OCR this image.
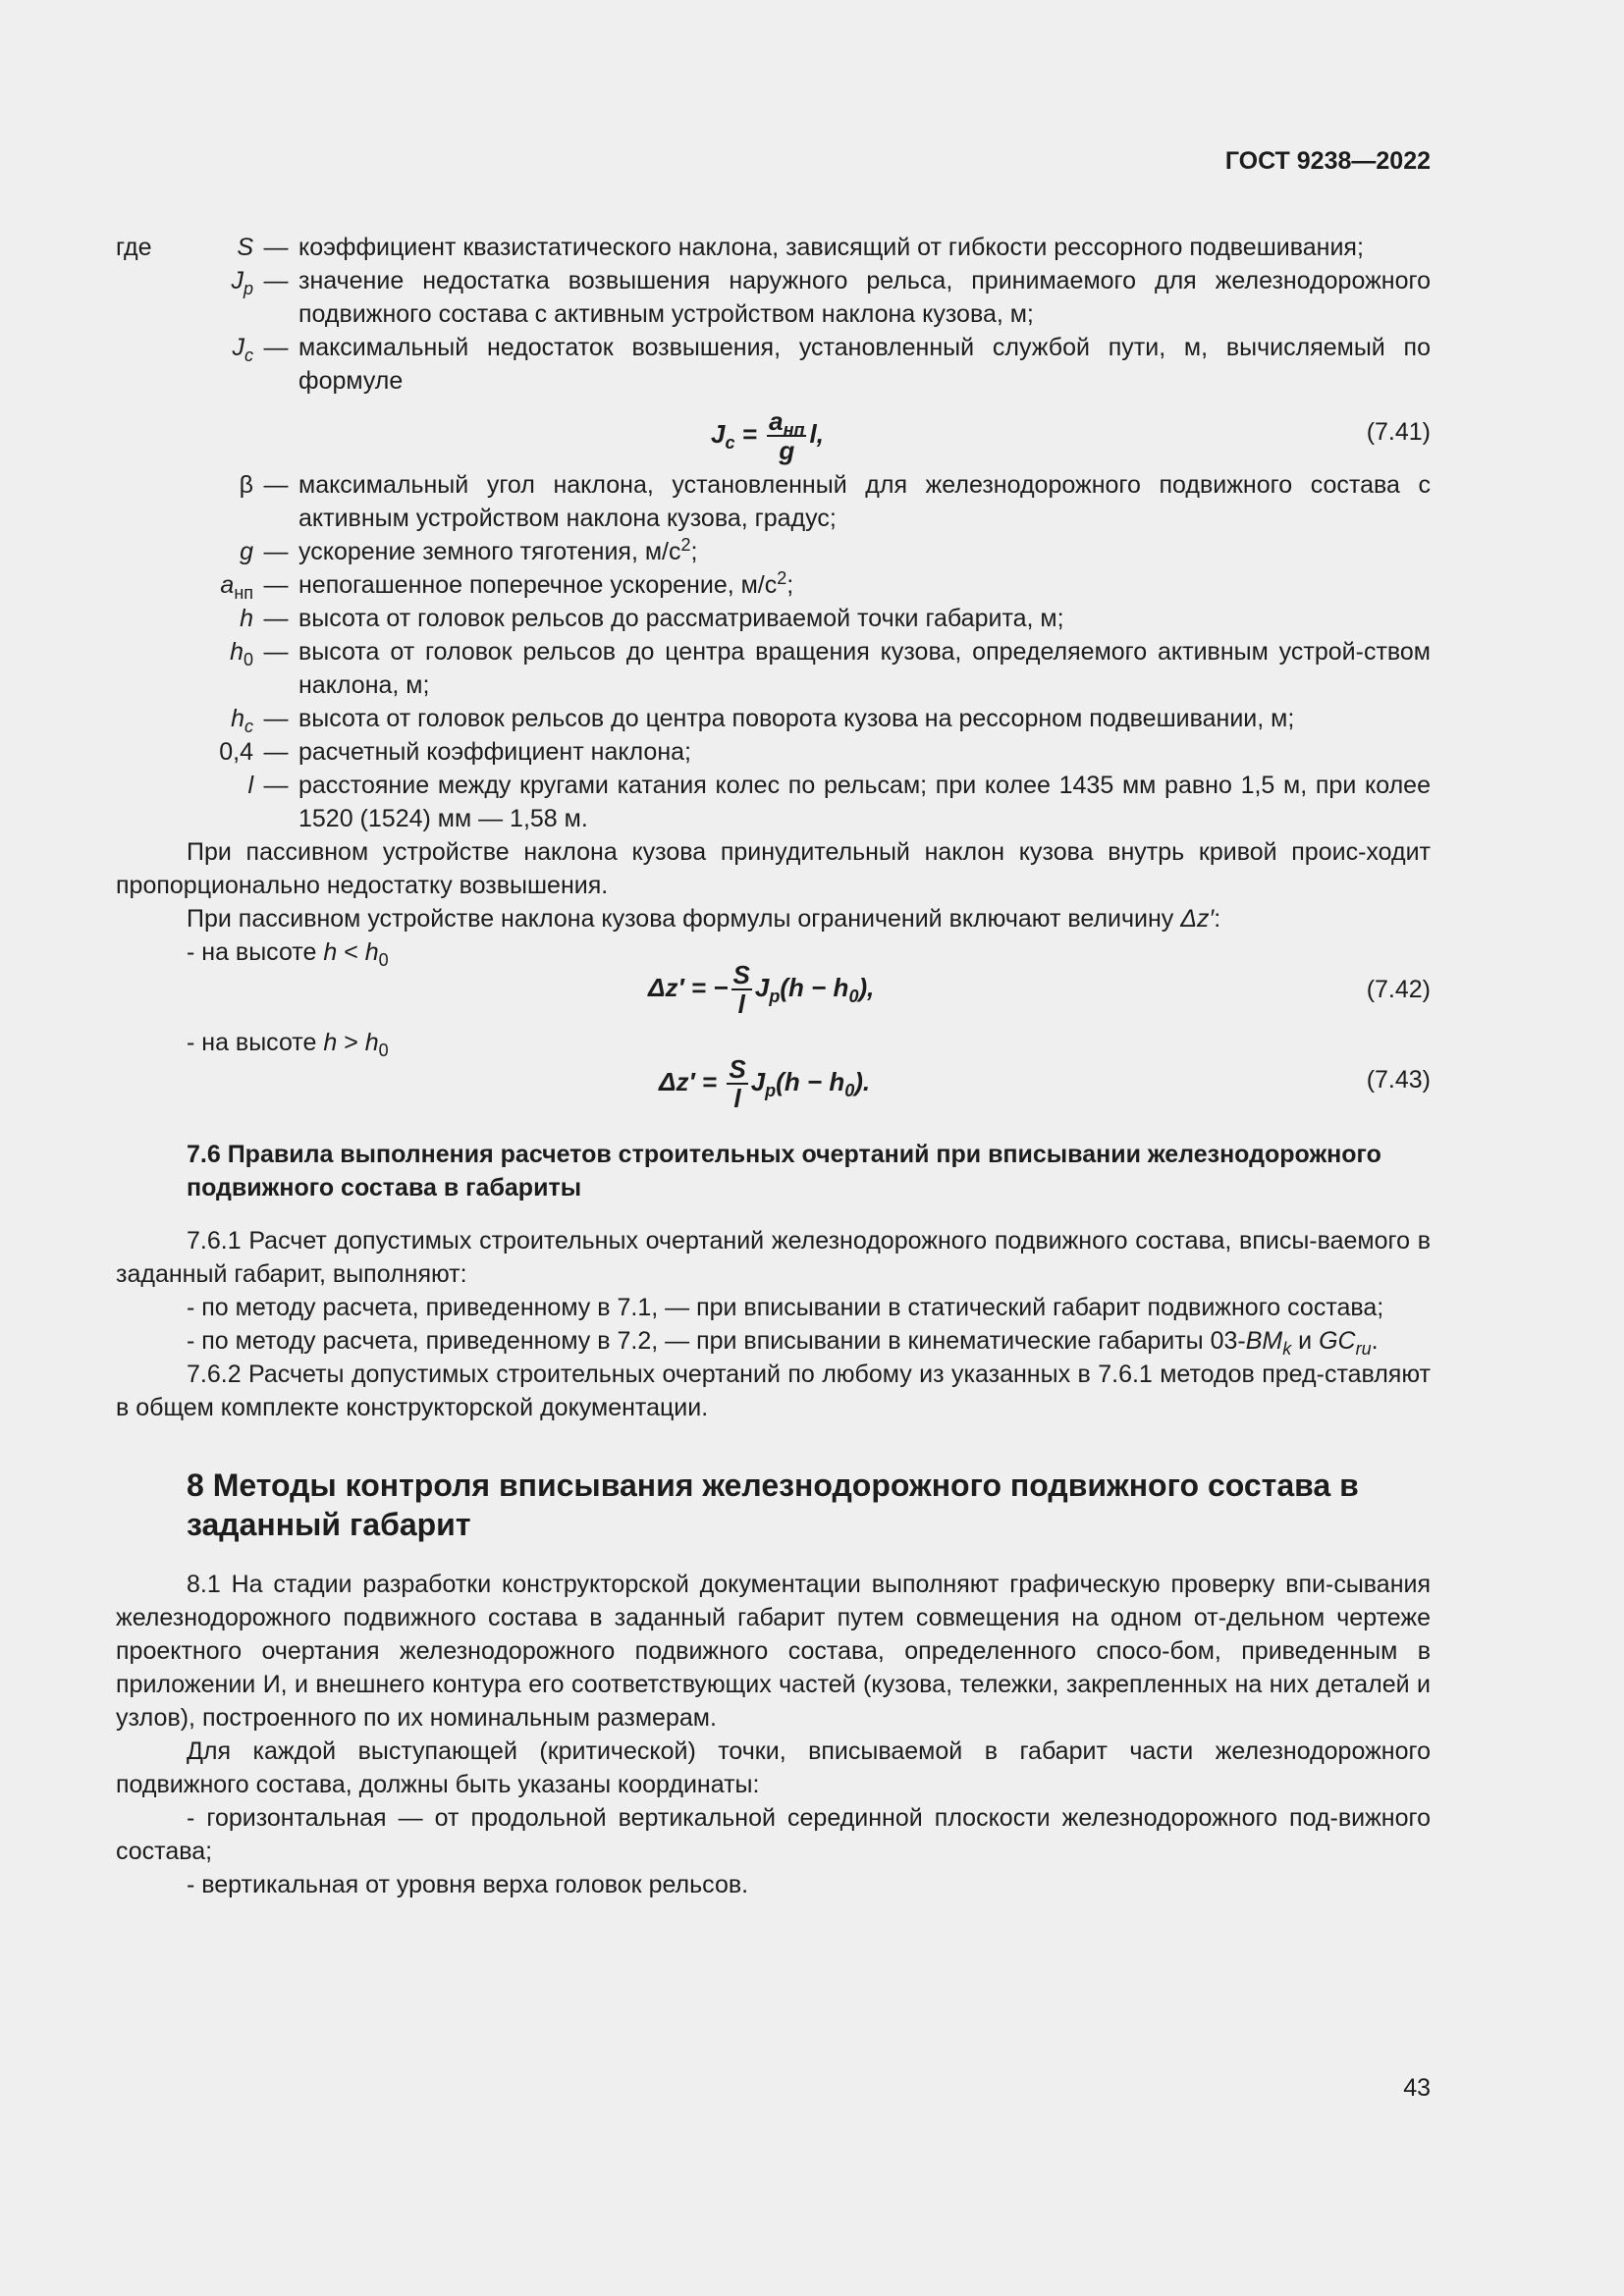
ГОСТ 9238—2022
где	S — коэффициент квазистатического наклона, зависящий от гибкости рессорного подвешивания;
$J_p$ — значение недостатка возвышения наружного рельса, принимаемого для железнодорожного подвижного состава с активным устройством наклона кузова, м;
$J_c$ — максимальный недостаток возвышения, установленный службой пути, м, вычисляемый по формуле
$J_c = \frac{a_{нп}}{g} l$,	(7.41)
β — максимальный угол наклона, установленный для железнодорожного подвижного состава с активным устройством наклона кузова, градус;
g — ускорение земного тяготения, $м/с^2$;
$a_{нп}$ — непогашенное поперечное ускорение, $м/с^2$;
h — высота от головок рельсов до рассматриваемой точки габарита, м;
$h_0$ — высота от головок рельсов до центра вращения кузова, определяемого активным устрой-ством наклона, м;
$h_c$ — высота от головок рельсов до центра поворота кузова на рессорном подвешивании, м;
0,4 — расчетный коэффициент наклона;
l — расстояние между кругами катания колес по рельсам; при колее 1435 мм равно 1,5 м, при колее 1520 (1524) мм — 1,58 м.

При пассивном устройстве наклона кузова принудительный наклон кузова внутрь кривой проис-ходит пропорционально недостатку возвышения.

При пассивном устройстве наклона кузова формулы ограничений включают величину Δz′:

- на высоте $h < h_0$

Δz′ = − $\frac{S}{l} J_p(h - h_0)$,	(7.42)

- на высоте $h > h_0$

$\Delta z' = \frac{S}{l} J_p(h - h_0)$.	(7.43)
7.6 Правила выполнения расчетов строительных очертаний при вписывании железнодорожного подвижного состава в габариты

7.6.1 Расчет допустимых строительных очертаний железнодорожного подвижного состава, вписы-ваемого в заданный габарит, выполняют:

- по методу расчета, приведенному в 7.1, — при вписывании в статический габарит подвижного состава;

- по методу расчета, приведенному в 7.2, — при вписывании в кинематические габариты $03-BM_k$ и $GC_{ru}$.

7.6.2 Расчеты допустимых строительных очертаний по любому из указанных в 7.6.1 методов пред-ставляют в общем комплекте конструкторской документации.

8 Методы контроля вписывания железнодорожного подвижного состава в заданный габарит

8.1 На стадии разработки конструкторской документации выполняют графическую проверку впи-сывания железнодорожного подвижного состава в заданный габарит путем совмещения на одном от-дельном чертеже проектного очертания железнодорожного подвижного состава, определенного спосо-бом, приведенным в приложении И, и внешнего контура его соответствующих частей (кузова, тележки, закрепленных на них деталей и узлов), построенного по их номинальным размерам.

Для каждой выступающей (критической) точки, вписываемой в габарит части железнодорожного подвижного состава, должны быть указаны координаты:

- горизонтальная — от продольной вертикальной серединной плоскости железнодорожного под-вижного состава;

- вертикальная от уровня верха головок рельсов.

43
